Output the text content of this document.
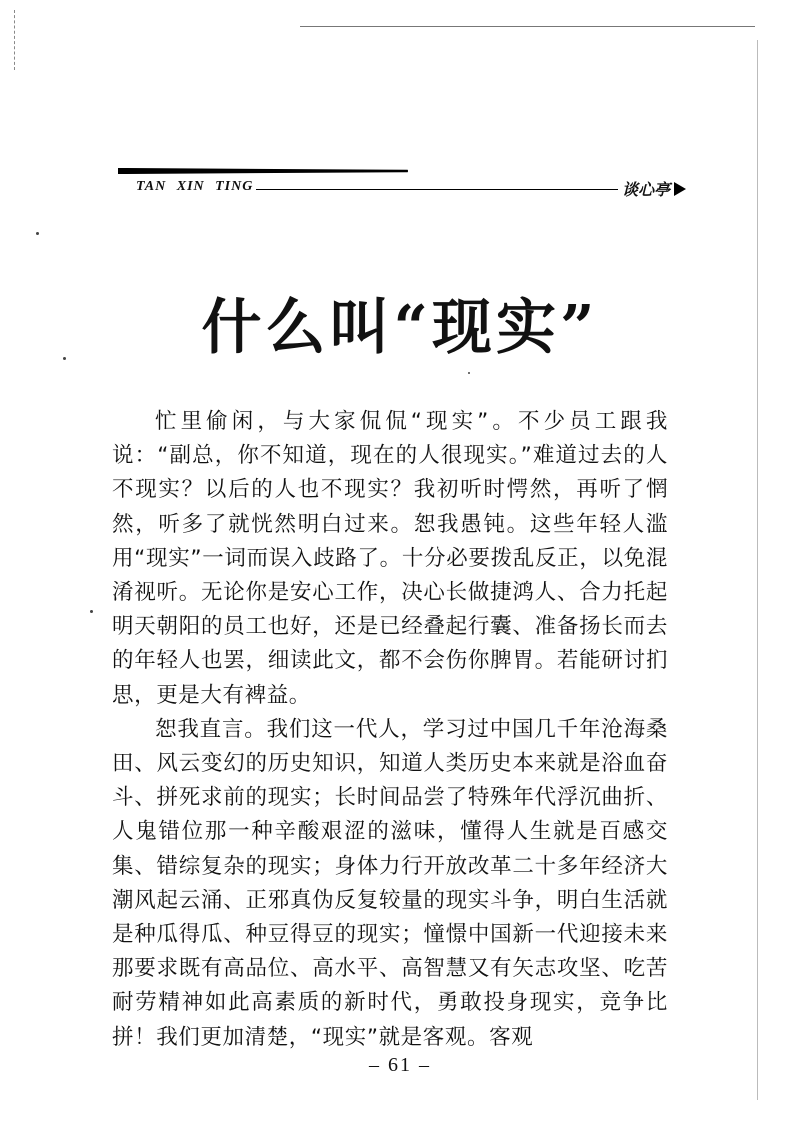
TAN XIN TING	谈心亭
什么叫“现实”

忙里偷闲，与大家侃侃“现实”。不少员工跟我说：“副总，你不知道，现在的人很现实。”难道过去的人不现实？以后的人也不现实？我初听时愕然，再听了惘然，听多了就恍然明白过来。恕我愚钝。这些年轻人滥用“现实”一词而误入歧路了。十分必要拨乱反正，以免混淆视听。无论你是安心工作，决心长做捷鸿人、合力托起明天朝阳的员工也好，还是已经叠起行囊、准备扬长而去的年轻人也罢，细读此文，都不会伤你脾胃。若能研讨扪思，更是大有裨益。

恕我直言。我们这一代人，学习过中国几千年沧海桑田、风云变幻的历史知识，知道人类历史本来就是浴血奋斗、拼死求前的现实；长时间品尝了特殊年代浮沉曲折、人鬼错位那一种辛酸艰涩的滋味，懂得人生就是百感交集、错综复杂的现实；身体力行开放改革二十多年经济大潮风起云涌、正邪真伪反复较量的现实斗争，明白生活就是种瓜得瓜、种豆得豆的现实；憧憬中国新一代迎接未来那要求既有高品位、高水平、高智慧又有矢志攻坚、吃苦耐劳精神如此高素质的新时代，勇敢投身现实，竞争比拼！我们更加清楚，“现实”就是客观。客观

– 61 –
